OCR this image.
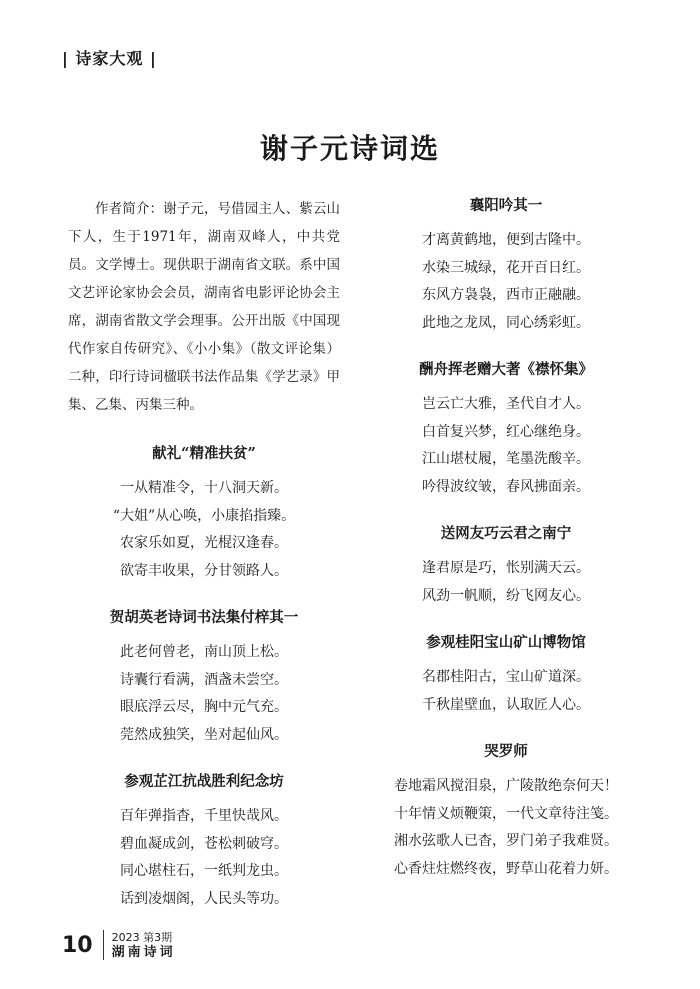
| 诗家大观 |
谢子元诗词选

作者简介：谢子元，号借园主人、紫云山下人，生于1971年，湖南双峰人，中共党员。文学博士。现供职于湖南省文联。系中国文艺评论家协会会员，湖南省电影评论协会主席，湖南省散文学会理事。公开出版《中国现代作家自传研究》、《小小集》（散文评论集）二种，印行诗词楹联书法作品集《学艺录》甲集、乙集、丙集三种。

献礼“精准扶贫”
一从精准令，十八洞天新。
“大姐”从心唤，小康掐指臻。
农家乐如夏，光棍汉逢春。
欲寄丰收果，分甘领路人。
贺胡英老诗词书法集付梓其一
此老何曾老，南山顶上松。
诗囊行看满，酒盏未尝空。
眼底浮云尽，胸中元气充。
莞然成独笑，坐对起仙风。
参观芷江抗战胜利纪念坊
百年弹指杳，千里快哉风。
碧血凝成剑，苍松刺破穹。
同心堪柱石，一纸判龙虫。
话到凌烟阁，人民头等功。
襄阳吟其一
才离黄鹤地，便到古隆中。
水染三城绿，花开百日红。
东风方袅袅，西市正融融。
此地之龙凤，同心绣彩虹。
酬舟挥老赠大著《襟怀集》
岂云亡大雅，圣代自才人。
白首复兴梦，红心继绝身。
江山堪杖履，笔墨洗酸辛。
吟得波纹皱，春风拂面亲。
送网友巧云君之南宁
逢君原是巧，怅别满天云。
风劲一帆顺，纷飞网友心。
参观桂阳宝山矿山博物馆
名郡桂阳古，宝山矿道深。
千秋崖壁血，认取匠人心。
哭罗师
卷地霜风搅泪泉，广陵散绝奈何天！
十年情义烦鞭策，一代文章待注笺。
湘水弦歌人已杳，罗门弟子我难贤。
心香炷炷燃终夜，野草山花着力妍。
10 2023 第3期
湖南诗词
